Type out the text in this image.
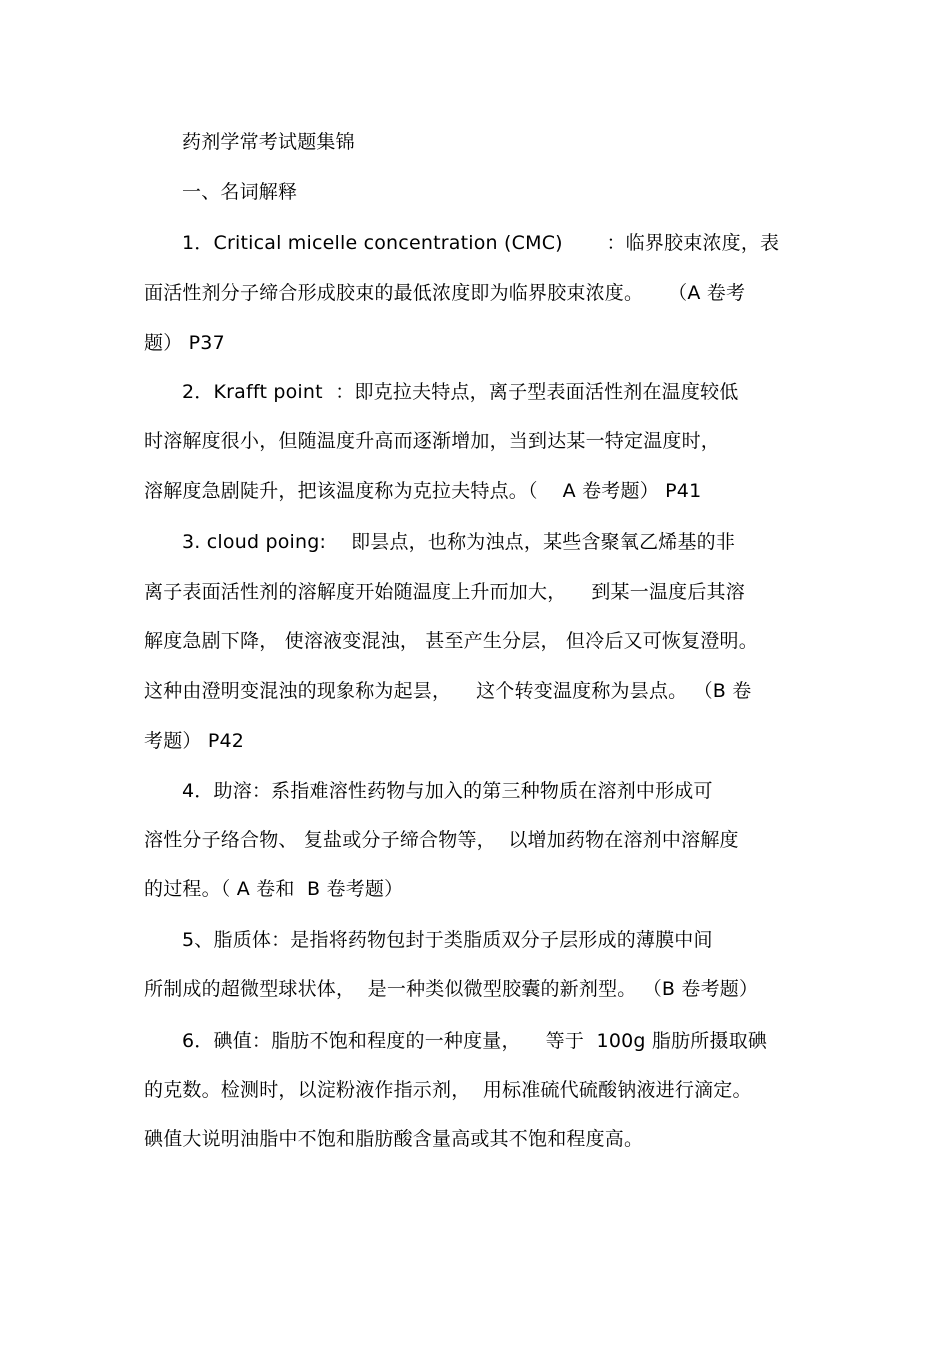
药剂学常考试题集锦
一、名词解释
1．Critical micelle concentration (CMC)       ：临界胶束浓度，表
面活性剂分子缔合形成胶束的最低浓度即为临界胶束浓度。    （A 卷考
题） P37
2．Krafft point  ：即克拉夫特点，离子型表面活性剂在温度较低
时溶解度很小，但随温度升高而逐渐增加，当到达某一特定温度时，
溶解度急剧陡升，把该温度称为克拉夫特点。（    A 卷考题） P41
3. cloud poing:    即昙点，也称为浊点，某些含聚氧乙烯基的非
离子表面活性剂的溶解度开始随温度上升而加大，    到某一温度后其溶
解度急剧下降， 使溶液变混浊， 甚至产生分层， 但冷后又可恢复澄明。
这种由澄明变混浊的现象称为起昙，    这个转变温度称为昙点。 （B 卷
考题） P42
4．助溶：系指难溶性药物与加入的第三种物质在溶剂中形成可
溶性分子络合物、 复盐或分子缔合物等，  以增加药物在溶剂中溶解度
的过程。（ A 卷和  B 卷考题）
5、脂质体：是指将药物包封于类脂质双分子层形成的薄膜中间
所制成的超微型球状体，  是一种类似微型胶囊的新剂型。 （B 卷考题）
6．碘值：脂肪不饱和程度的一种度量，    等于  100g 脂肪所摄取碘
的克数。检测时，以淀粉液作指示剂，  用标准硫代硫酸钠液进行滴定。
碘值大说明油脂中不饱和脂肪酸含量高或其不饱和程度高。
